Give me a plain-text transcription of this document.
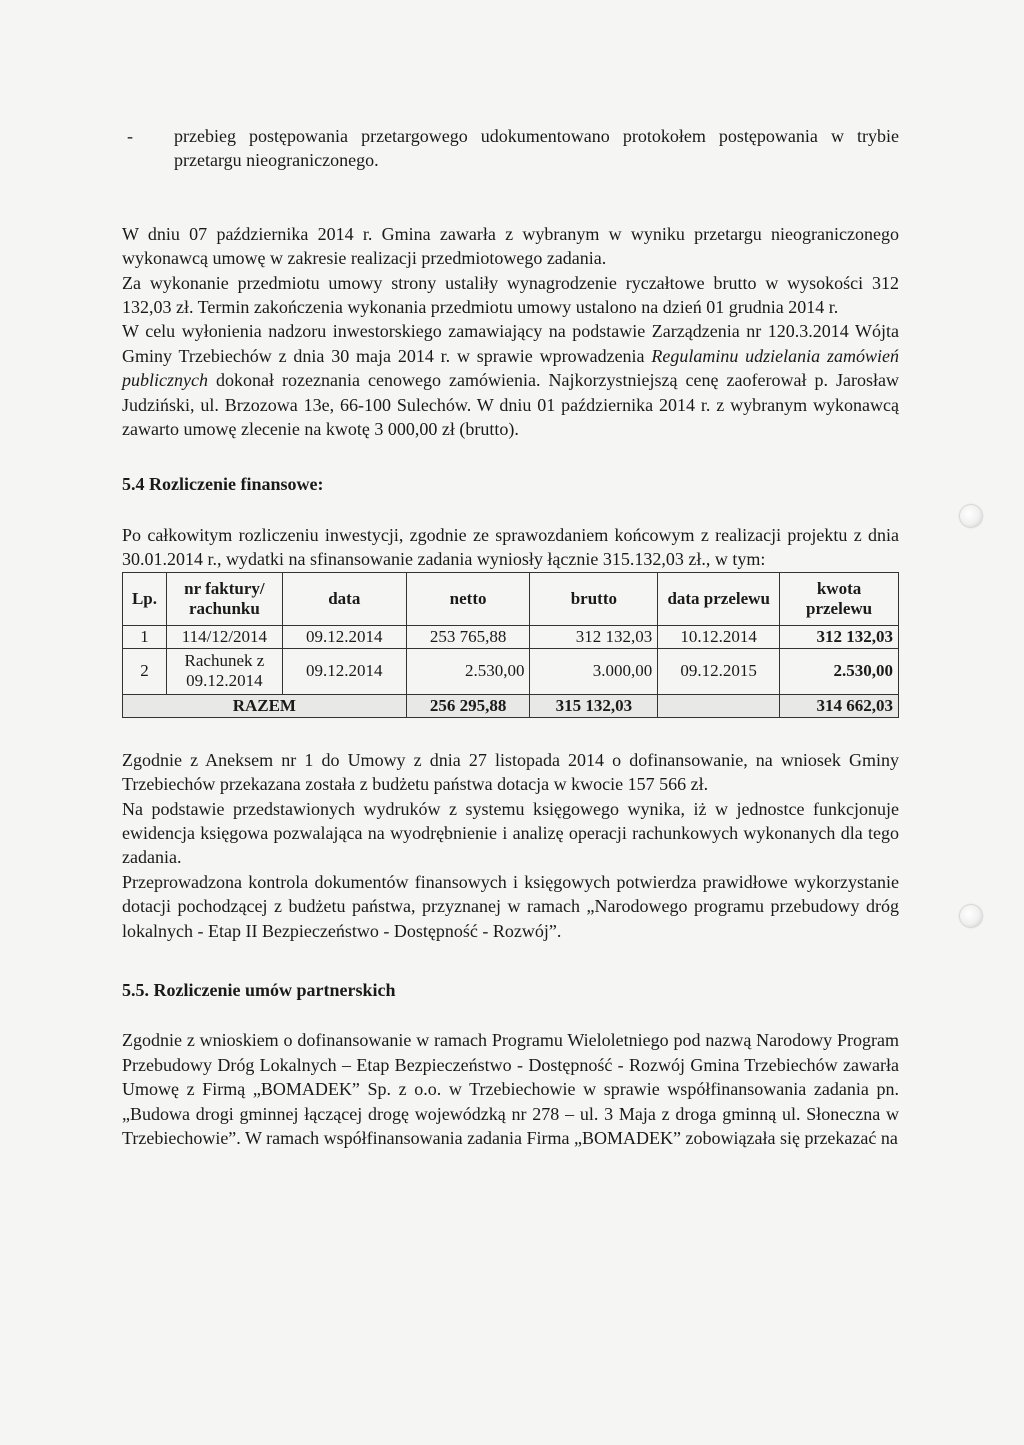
- przebieg postępowania przetargowego udokumentowano protokołem postępowania w trybie przetargu nieograniczonego.

W dniu 07 października 2014 r. Gmina zawarła z wybranym w wyniku przetargu nieograniczonego wykonawcą umowę w zakresie realizacji przedmiotowego zadania.

Za wykonanie przedmiotu umowy strony ustaliły wynagrodzenie ryczałtowe brutto w wysokości 312 132,03 zł. Termin zakończenia wykonania przedmiotu umowy ustalono na dzień 01 grudnia 2014 r.

W celu wyłonienia nadzoru inwestorskiego zamawiający na podstawie Zarządzenia nr 120.3.2014 Wójta Gminy Trzebiechów z dnia 30 maja 2014 r. w sprawie wprowadzenia Regulaminu udzielania zamówień publicznych dokonał rozeznania cenowego zamówienia. Najkorzystniejszą cenę zaoferował p. Jarosław Judziński, ul. Brzozowa 13e, 66-100 Sulechów. W dniu 01 października 2014 r. z wybranym wykonawcą zawarto umowę zlecenie na kwotę 3 000,00 zł (brutto).

5.4 Rozliczenie finansowe:

Po całkowitym rozliczeniu inwestycji, zgodnie ze sprawozdaniem końcowym z realizacji projektu z dnia 30.01.2014 r., wydatki na sfinansowanie zadania wyniosły łącznie 315.132,03 zł., w tym:

Lp.	nr faktury/ rachunku	data	netto	brutto	data przelewu	kwota przelewu
1	114/12/2014	09.12.2014	253 765,88	312 132,03	10.12.2014	312 132,03
2	Rachunek z 09.12.2014	09.12.2014	2.530,00	3.000,00	09.12.2015	2.530,00
RAZEM			256 295,88	315 132,03		314 662,03

Zgodnie z Aneksem nr 1 do Umowy z dnia 27 listopada 2014 o dofinansowanie, na wniosek Gminy Trzebiechów przekazana została z budżetu państwa dotacja w kwocie 157 566 zł.

Na podstawie przedstawionych wydruków z systemu księgowego wynika, iż w jednostce funkcjonuje ewidencja księgowa pozwalająca na wyodrębnienie i analizę operacji rachunkowych wykonanych dla tego zadania.

Przeprowadzona kontrola dokumentów finansowych i księgowych potwierdza prawidłowe wykorzystanie dotacji pochodzącej z budżetu państwa, przyznanej w ramach „Narodowego programu przebudowy dróg lokalnych - Etap II Bezpieczeństwo - Dostępność - Rozwój”.

5.5. Rozliczenie umów partnerskich

Zgodnie z wnioskiem o dofinansowanie w ramach Programu Wieloletniego pod nazwą Narodowy Program Przebudowy Dróg Lokalnych – Etap Bezpieczeństwo - Dostępność - Rozwój Gmina Trzebiechów zawarła Umowę z Firmą „BOMADEK” Sp. z o.o. w Trzebiechowie w sprawie współfinansowania zadania pn. „Budowa drogi gminnej łączącej drogę wojewódzką nr 278 – ul. 3 Maja z droga gminną ul. Słoneczna w Trzebiechowie”. W ramach współfinansowania zadania Firma „BOMADEK” zobowiązała się przekazać na
